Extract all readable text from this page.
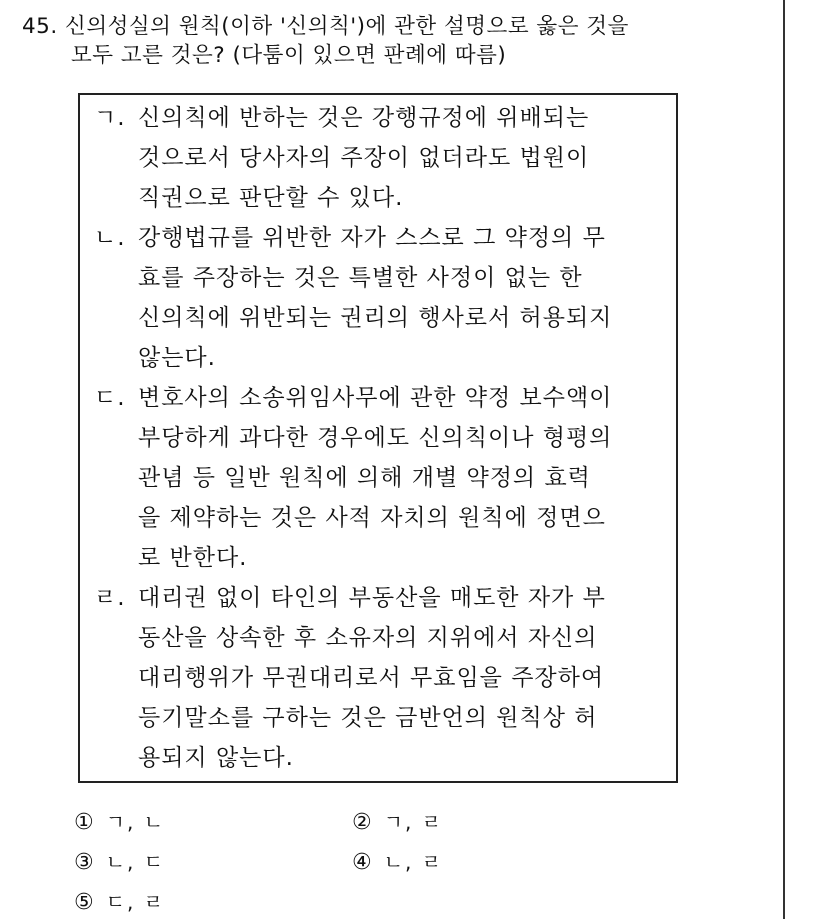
45. 신의성실의 원칙(이하 '신의칙')에 관한 설명으로 옳은 것을
모두 고른 것은? (다툼이 있으면 판례에 따름)
ㄱ. 신의칙에 반하는 것은 강행규정에 위배되는
것으로서 당사자의 주장이 없더라도 법원이
직권으로 판단할 수 있다.
ㄴ. 강행법규를 위반한 자가 스스로 그 약정의 무
효를 주장하는 것은 특별한 사정이 없는 한
신의칙에 위반되는 권리의 행사로서 허용되지
않는다.
ㄷ. 변호사의 소송위임사무에 관한 약정 보수액이
부당하게 과다한 경우에도 신의칙이나 형평의
관념 등 일반 원칙에 의해 개별 약정의 효력
을 제약하는 것은 사적 자치의 원칙에 정면으
로 반한다.
ㄹ. 대리권 없이 타인의 부동산을 매도한 자가 부
동산을 상속한 후 소유자의 지위에서 자신의
대리행위가 무권대리로서 무효임을 주장하여
등기말소를 구하는 것은 금반언의 원칙상 허
용되지 않는다.
① ㄱ, ㄴ	② ㄱ, ㄹ
③ ㄴ, ㄷ	④ ㄴ, ㄹ
⑤ ㄷ, ㄹ
